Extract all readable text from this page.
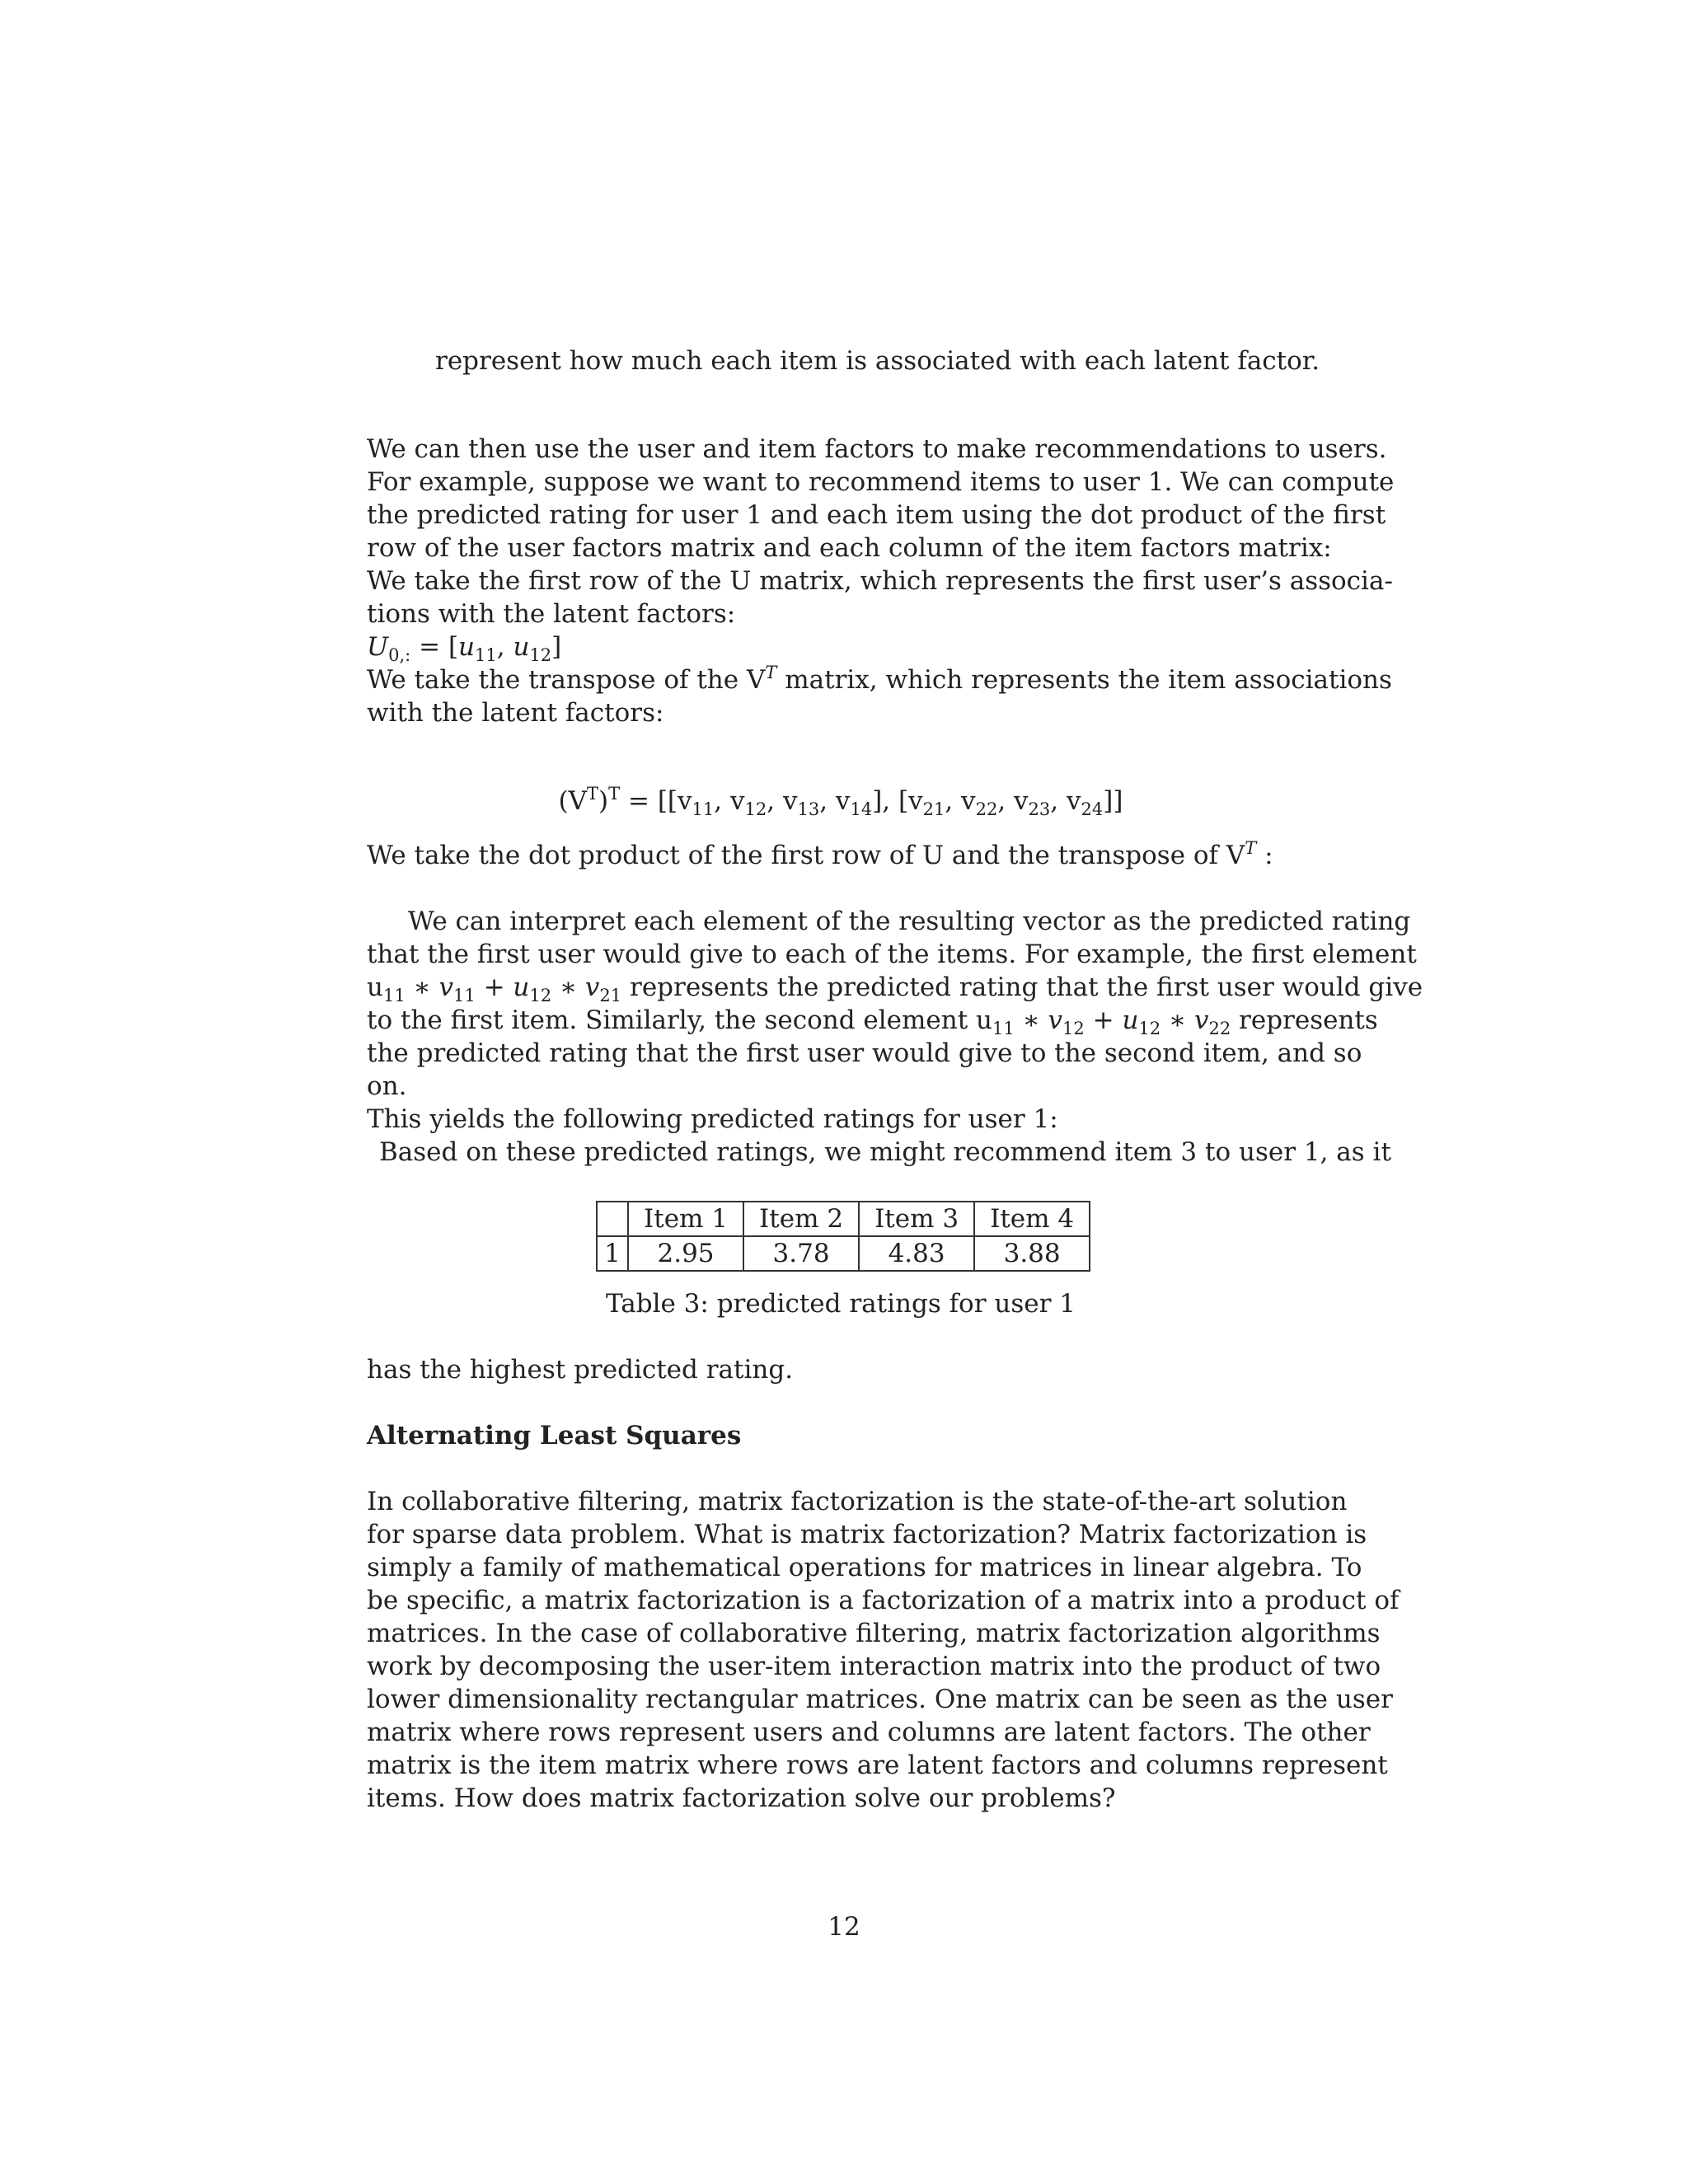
represent how much each item is associated with each latent factor.
We can then use the user and item factors to make recommendations to users.
For example, suppose we want to recommend items to user 1. We can compute
the predicted rating for user 1 and each item using the dot product of the first
row of the user factors matrix and each column of the item factors matrix:
We take the first row of the U matrix, which represents the first user’s associa-
tions with the latent factors:
$U_{0,:} = [u_{11}$, $u_{12}$]
We take the transpose of the $V^T$ matrix, which represents the item associations
with the latent factors:
$(V^T)^T = [[v_{11}$, $v_{12}$, $v_{13}$, $v_{14}$], [$v_{21}$, $v_{22}$, $v_{23}$, $v_{24}$]]
We take the dot product of the first row of U and the transpose of $V^T$ :
We can interpret each element of the resulting vector as the predicted rating
that the first user would give to each of the items. For example, the first element
$u_{11}$ ∗ $v_{11} + u_{12}$ ∗ $v_{21}$ represents the predicted rating that the first user would give
to the first item. Similarly, the second element $u_{11}$ ∗ $v_{12} + u_{12}$ ∗ $v_{22}$ represents
the predicted rating that the first user would give to the second item, and so
on.
This yields the following predicted ratings for user 1:
Based on these predicted ratings, we might recommend item 3 to user 1, as it
	Item 1	Item 2	Item 3	Item 4
1	2.95	3.78	4.83	3.88
Table 3: predicted ratings for user 1
has the highest predicted rating.
Alternating Least Squares
In collaborative filtering, matrix factorization is the state-of-the-art solution
for sparse data problem. What is matrix factorization? Matrix factorization is
simply a family of mathematical operations for matrices in linear algebra. To
be specific, a matrix factorization is a factorization of a matrix into a product of
matrices. In the case of collaborative filtering, matrix factorization algorithms
work by decomposing the user-item interaction matrix into the product of two
lower dimensionality rectangular matrices. One matrix can be seen as the user
matrix where rows represent users and columns are latent factors. The other
matrix is the item matrix where rows are latent factors and columns represent
items. How does matrix factorization solve our problems?
12
